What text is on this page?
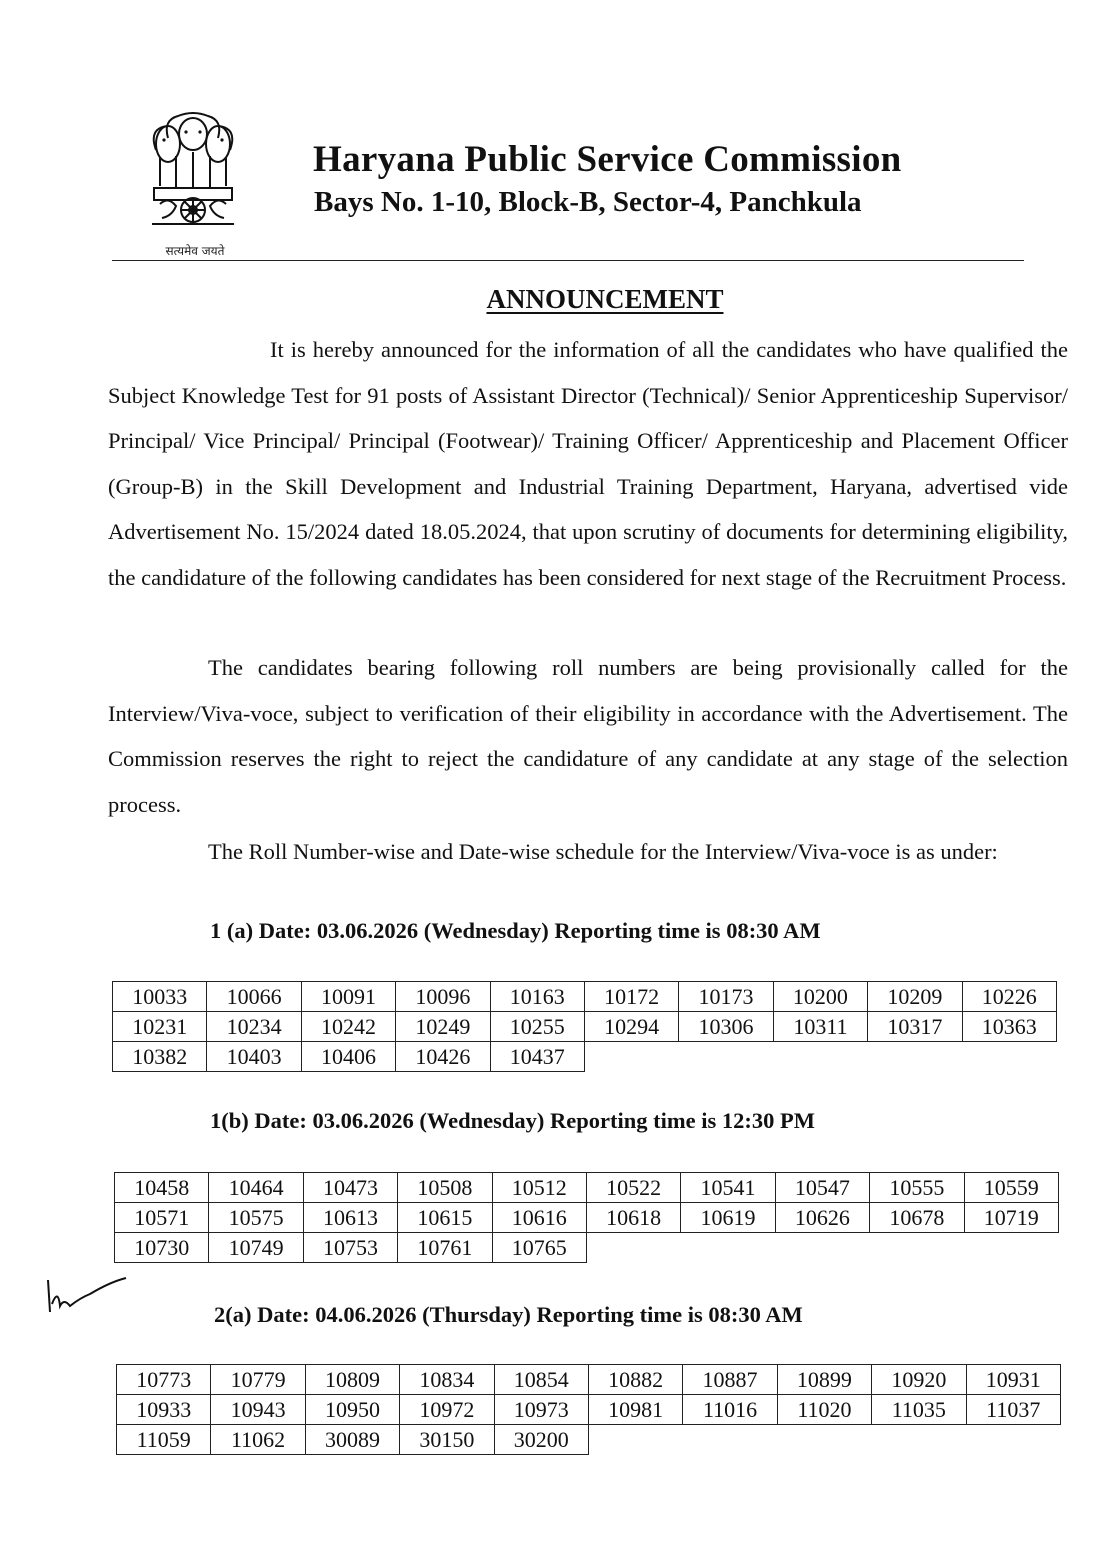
सत्यमेव जयते
Haryana Public Service Commission
Bays No. 1-10, Block-B, Sector-4, Panchkula
ANNOUNCEMENT
It is hereby announced for the information of all the candidates who have qualified the Subject Knowledge Test for 91 posts of Assistant Director (Technical)/ Senior Apprenticeship Supervisor/ Principal/ Vice Principal/ Principal (Footwear)/ Training Officer/ Apprenticeship and Placement Officer (Group-B) in the Skill Development and Industrial Training Department, Haryana, advertised vide Advertisement No. 15/2024 dated 18.05.2024, that upon scrutiny of documents for determining eligibility, the candidature of the following candidates has been considered for next stage of the Recruitment Process.
The candidates bearing following roll numbers are being provisionally called for the Interview/Viva-voce, subject to verification of their eligibility in accordance with the Advertisement. The Commission reserves the right to reject the candidature of any candidate at any stage of the selection process.
The Roll Number-wise and Date-wise schedule for the Interview/Viva-voce is as under:
1 (a) Date: 03.06.2026 (Wednesday) Reporting time is 08:30 AM
10033	10066	10091	10096	10163	10172	10173	10200	10209	10226
10231	10234	10242	10249	10255	10294	10306	10311	10317	10363
10382	10403	10406	10426	10437					
1(b) Date: 03.06.2026 (Wednesday) Reporting time is 12:30 PM
10458	10464	10473	10508	10512	10522	10541	10547	10555	10559
10571	10575	10613	10615	10616	10618	10619	10626	10678	10719
10730	10749	10753	10761	10765					
2(a) Date: 04.06.2026 (Thursday) Reporting time is 08:30 AM
10773	10779	10809	10834	10854	10882	10887	10899	10920	10931
10933	10943	10950	10972	10973	10981	11016	11020	11035	11037
11059	11062	30089	30150	30200					
